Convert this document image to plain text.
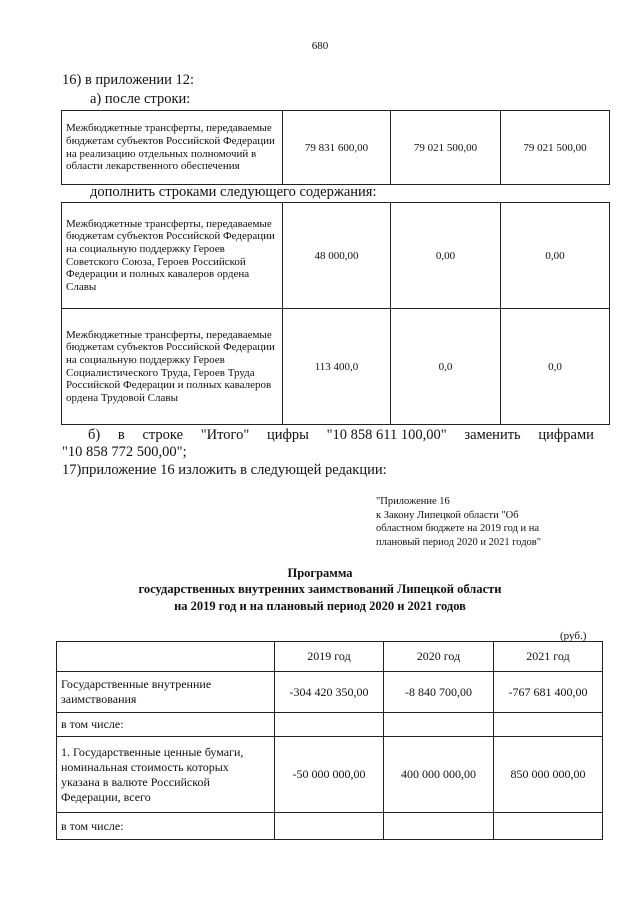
680
16) в приложении 12:
а) после строки:
Межбюджетные трансферты, передаваемые бюджетам субъектов Российской Федерации на реализацию отдельных полномочий в области лекарственного обеспечения	79 831 600,00	79 021 500,00	79 021 500,00
дополнить строками следующего содержания:
Межбюджетные трансферты, передаваемые бюджетам субъектов Российской Федерации на социальную поддержку Героев Советского Союза, Героев Российской Федерации и полных кавалеров ордена Славы	48 000,00	0,00	0,00
Межбюджетные трансферты, передаваемые бюджетам субъектов Российской Федерации на социальную поддержку Героев Социалистического Труда, Героев Труда Российской Федерации и полных кавалеров ордена Трудовой Славы	113 400,0	0,0	0,0
б) в строке "Итого" цифры "10 858 611 100,00" заменить цифрами
"10 858 772 500,00";
17)приложение 16 изложить в следующей редакции:
"Приложение 16
к Закону Липецкой области "Об
областном бюджете на 2019 год и на
плановый период 2020 и 2021 годов"
Программа
государственных внутренних заимствований Липецкой области
на 2019 год и на плановый период 2020 и 2021 годов
(руб.)
	2019 год	2020 год	2021 год
Государственные внутренние заимствования	-304 420 350,00	-8 840 700,00	-767 681 400,00
в том числе:			
1. Государственные ценные бумаги, номинальная стоимость которых указана в валюте Российской Федерации, всего	-50 000 000,00	400 000 000,00	850 000 000,00
в том числе:			
